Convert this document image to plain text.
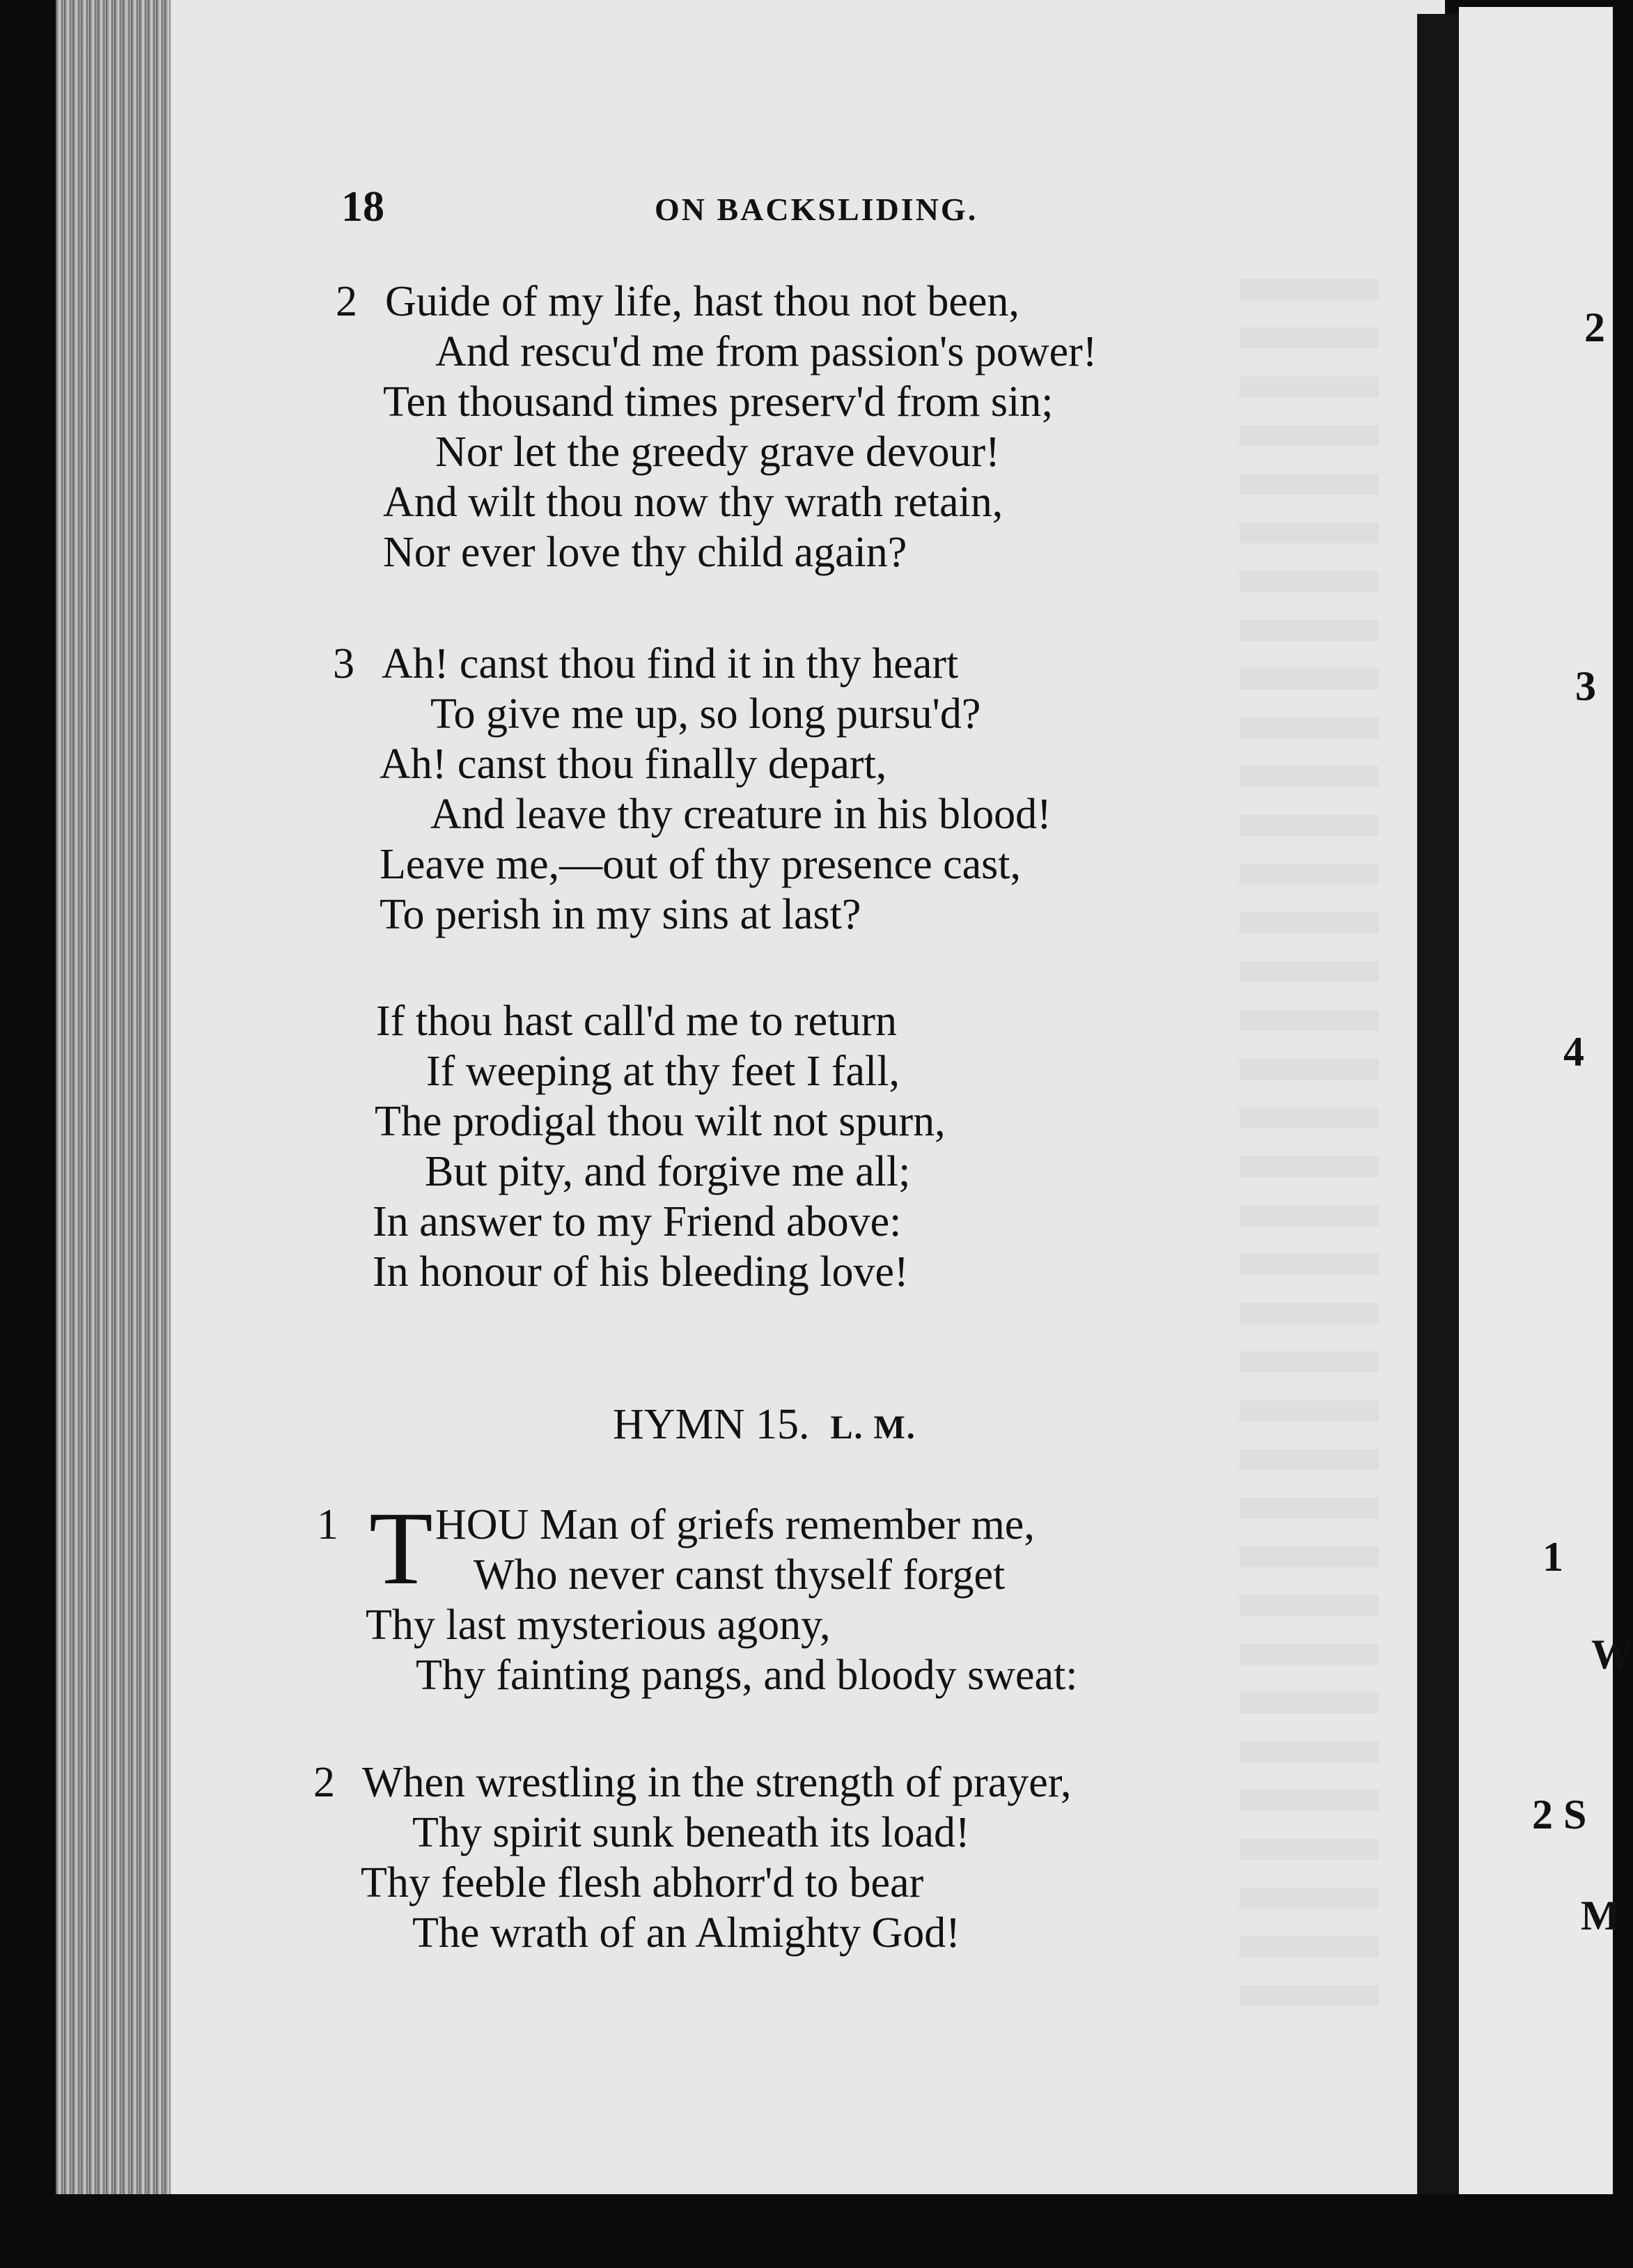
18	ON BACKSLIDING.
2 Guide of my life, hast thou not been,
And rescu'd me from passion's power!
Ten thousand times preserv'd from sin;
Nor let the greedy grave devour!
And wilt thou now thy wrath retain,
Nor ever love thy child again?
3 Ah! canst thou find it in thy heart
To give me up, so long pursu'd?
Ah! canst thou finally depart,
And leave thy creature in his blood!
Leave me,—out of thy presence cast,
To perish in my sins at last?
If thou hast call'd me to return
If weeping at thy feet I fall,
The prodigal thou wilt not spurn,
But pity, and forgive me all;
In answer to my Friend above:
In honour of his bleeding love!
HYMN 15. L. M.
1 T HOU Man of griefs remember me,
Who never canst thyself forget
Thy last mysterious agony,
Thy fainting pangs, and bloody sweat:
2 When wrestling in the strength of prayer,
Thy spirit sunk beneath its load!
Thy feeble flesh abhorr'd to bear
The wrath of an Almighty God!
2
3
4
1
W
2 S
M
